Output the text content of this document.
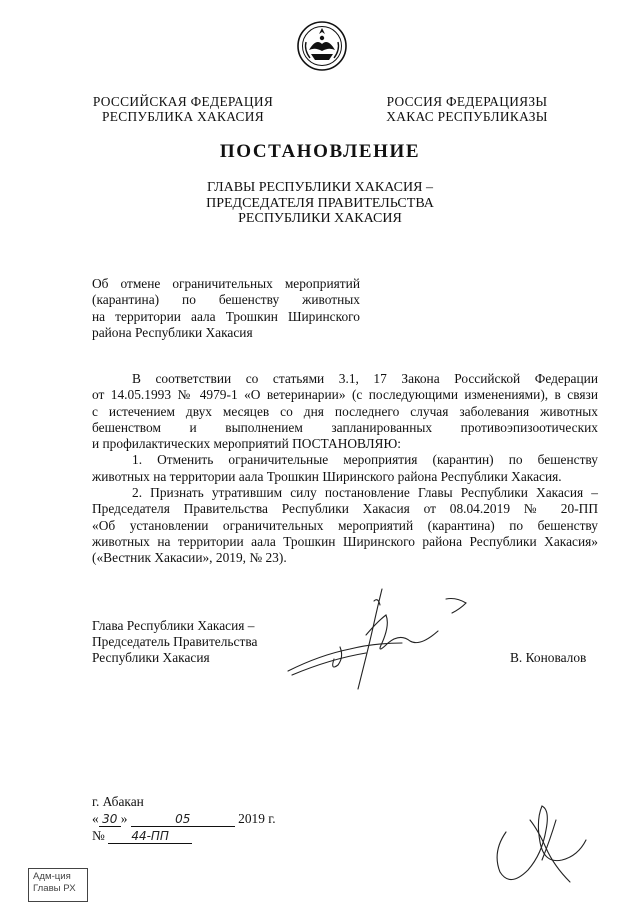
РОССИЙСКАЯ ФЕДЕРАЦИЯ
РЕСПУБЛИКА ХАКАСИЯ
РОССИЯ ФЕДЕРАЦИЯЗЫ
ХАКАС РЕСПУБЛИКАЗЫ
ПОСТАНОВЛЕНИЕ
ГЛАВЫ РЕСПУБЛИКИ ХАКАСИЯ –
ПРЕДСЕДАТЕЛЯ ПРАВИТЕЛЬСТВА
РЕСПУБЛИКИ ХАКАСИЯ
Об отмене ограничительных мероприятий
(карантина) по бешенству животных
на территории аала Трошкин Ширинского
района Республики Хакасия
В соответствии со статьями 3.1, 17 Закона Российской Федерации
от 14.05.1993 № 4979-1 «О ветеринарии» (с последующими изменениями), в связи
с истечением двух месяцев со дня последнего случая заболевания животных
бешенством и выполнением запланированных противоэпизоотических
и профилактических мероприятий ПОСТАНОВЛЯЮ:
1. Отменить ограничительные мероприятия (карантин) по бешенству
животных на территории аала Трошкин Ширинского района Республики Хакасия.
2. Признать утратившим силу постановление Главы Республики Хакасия –
Председателя Правительства Республики Хакасия от 08.04.2019 № 20-ПП
«Об установлении ограничительных мероприятий (карантина) по бешенству
животных на территории аала Трошкин Ширинского района Республики Хакасия»
(«Вестник Хакасии», 2019, № 23).
Глава Республики Хакасия –
Председатель Правительства
Республики Хакасия	В. Коновалов
г. Абакан
« 30 »	05	2019 г.
№ 44-ПП
Адм-ция
Главы РХ
